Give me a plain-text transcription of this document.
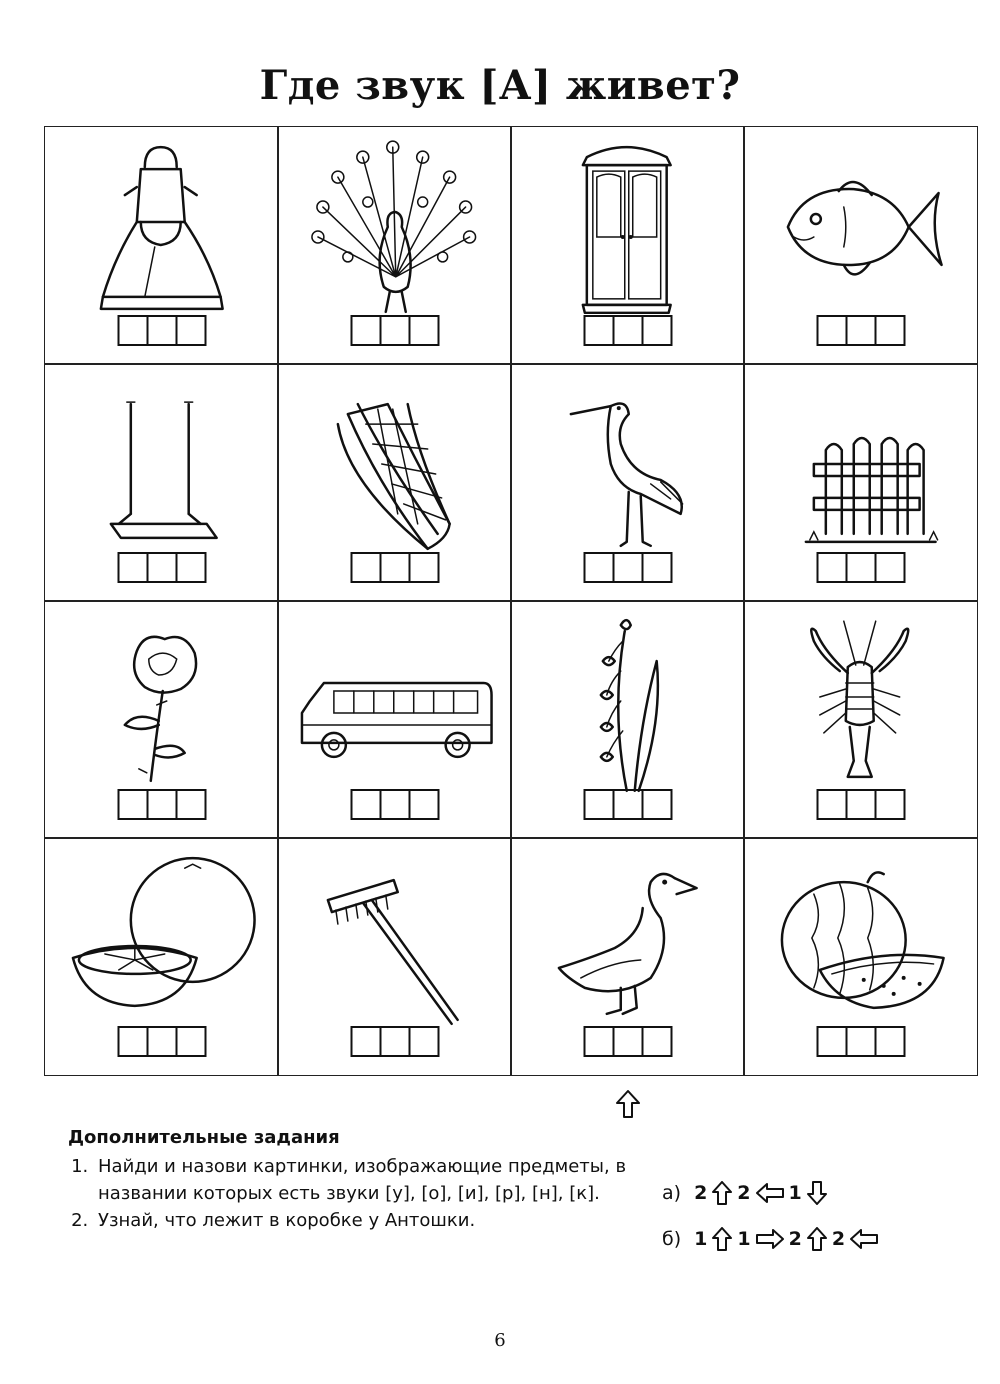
Где звук [А] живет?
Дополнительные задания
1. Найди и назови картинки, изображающие предметы, в названии которых есть звуки [у], [о], [и], [р], [н], [к].
2. Узнай, что лежит в коробке у Антошки.
а) 2 2 1
б) 1 1 2 2
6
